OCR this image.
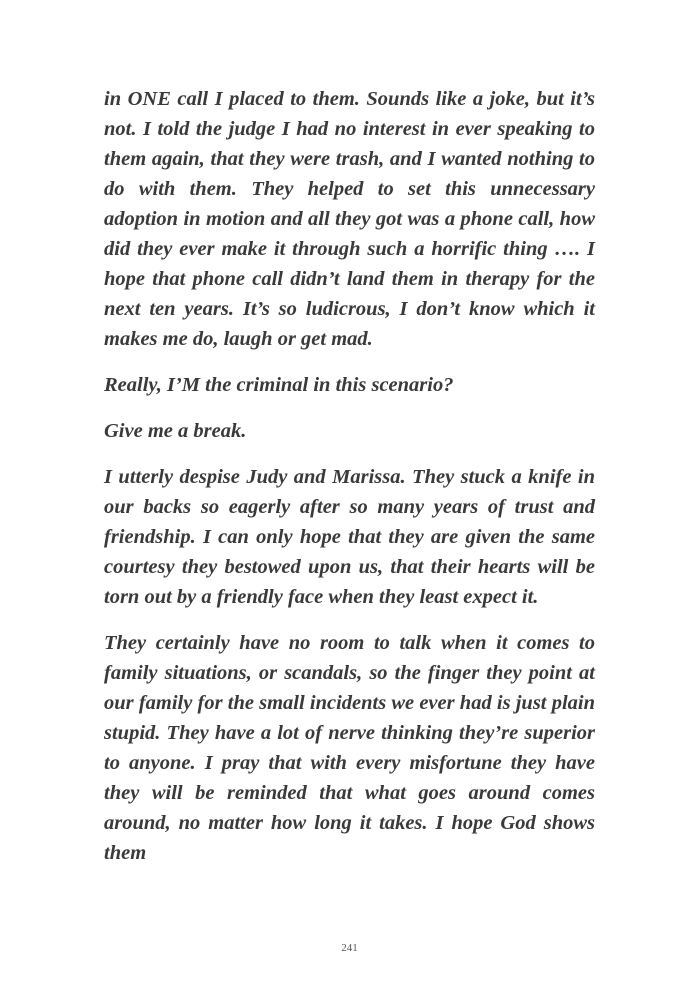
in ONE call I placed to them. Sounds like a joke, but it’s not. I told the judge I had no interest in ever speaking to them again, that they were trash, and I wanted nothing to do with them. They helped to set this unnecessary adoption in motion and all they got was a phone call, how did they ever make it through such a horrific thing …. I hope that phone call didn’t land them in therapy for the next ten years. It’s so ludicrous, I don’t know which it makes me do, laugh or get mad.

Really, I’M the criminal in this scenario?

Give me a break.

I utterly despise Judy and Marissa. They stuck a knife in our backs so eagerly after so many years of trust and friendship. I can only hope that they are given the same courtesy they bestowed upon us, that their hearts will be torn out by a friendly face when they least expect it.

They certainly have no room to talk when it comes to family situations, or scandals, so the finger they point at our family for the small incidents we ever had is just plain stupid. They have a lot of nerve thinking they’re superior to anyone. I pray that with every misfortune they have they will be reminded that what goes around comes around, no matter how long it takes. I hope God shows them

241
